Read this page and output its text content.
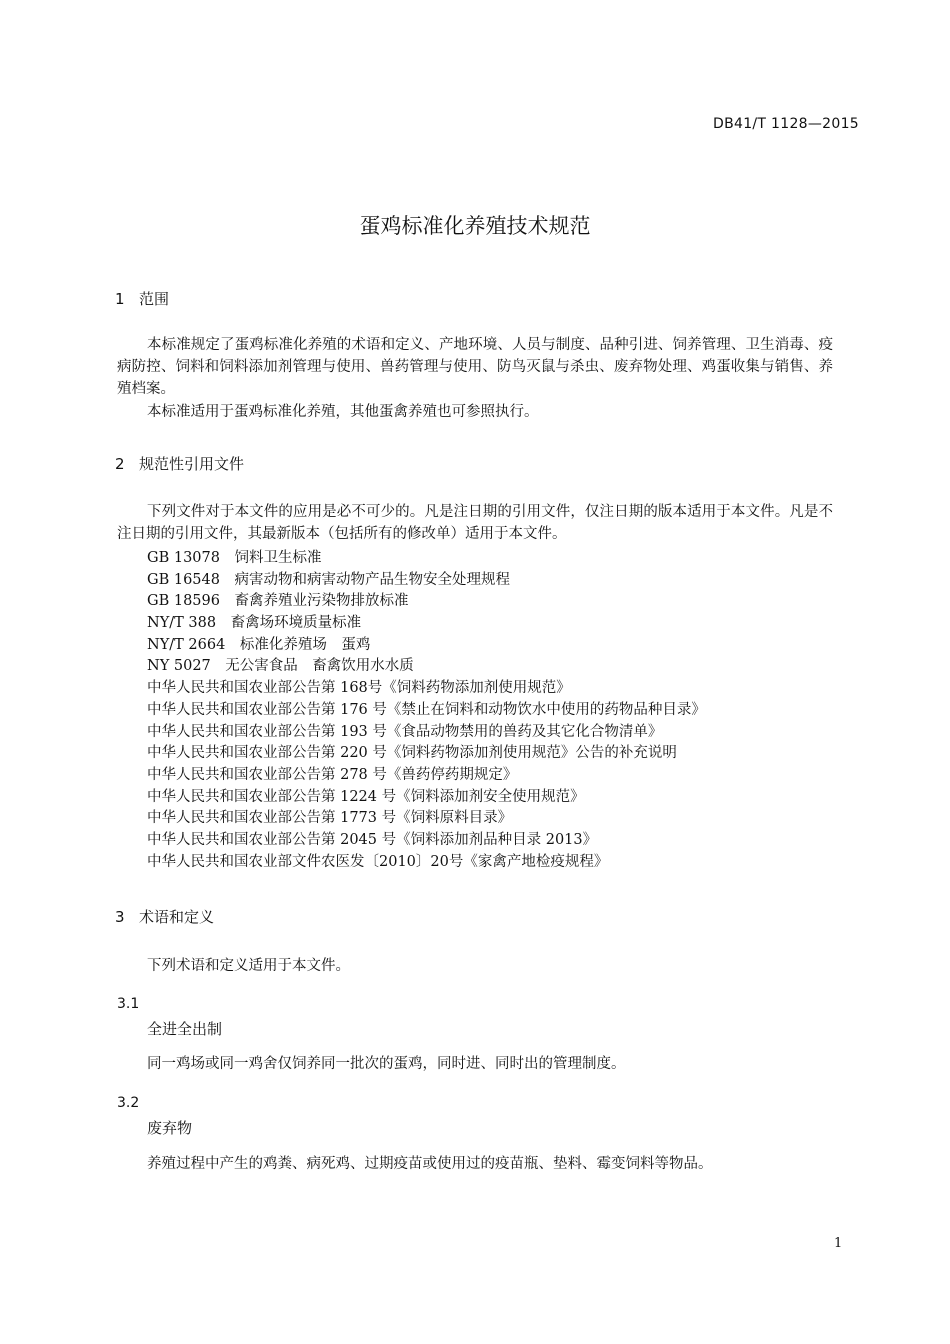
DB41/T 1128—2015
蛋鸡标准化养殖技术规范
1 范围
本标准规定了蛋鸡标准化养殖的术语和定义、产地环境、人员与制度、品种引进、饲养管理、卫生消毒、疫病防控、饲料和饲料添加剂管理与使用、兽药管理与使用、防鸟灭鼠与杀虫、废弃物处理、鸡蛋收集与销售、养殖档案。
本标准适用于蛋鸡标准化养殖，其他蛋禽养殖也可参照执行。
2 规范性引用文件
下列文件对于本文件的应用是必不可少的。凡是注日期的引用文件，仅注日期的版本适用于本文件。凡是不注日期的引用文件，其最新版本（包括所有的修改单）适用于本文件。
GB 13078　饲料卫生标准
GB 16548　病害动物和病害动物产品生物安全处理规程
GB 18596　畜禽养殖业污染物排放标准
NY/T 388　畜禽场环境质量标准
NY/T 2664　标准化养殖场　蛋鸡
NY 5027　无公害食品　畜禽饮用水水质
中华人民共和国农业部公告第 168号《饲料药物添加剂使用规范》
中华人民共和国农业部公告第 176 号《禁止在饲料和动物饮水中使用的药物品种目录》
中华人民共和国农业部公告第 193 号《食品动物禁用的兽药及其它化合物清单》
中华人民共和国农业部公告第 220 号《饲料药物添加剂使用规范》公告的补充说明
中华人民共和国农业部公告第 278 号《兽药停药期规定》
中华人民共和国农业部公告第 1224 号《饲料添加剂安全使用规范》
中华人民共和国农业部公告第 1773 号《饲料原料目录》
中华人民共和国农业部公告第 2045 号《饲料添加剂品种目录 2013》
中华人民共和国农业部文件农医发〔2010〕20号《家禽产地检疫规程》
3 术语和定义
下列术语和定义适用于本文件。
3.1
全进全出制
同一鸡场或同一鸡舍仅饲养同一批次的蛋鸡，同时进、同时出的管理制度。
3.2
废弃物
养殖过程中产生的鸡粪、病死鸡、过期疫苗或使用过的疫苗瓶、垫料、霉变饲料等物品。
1
